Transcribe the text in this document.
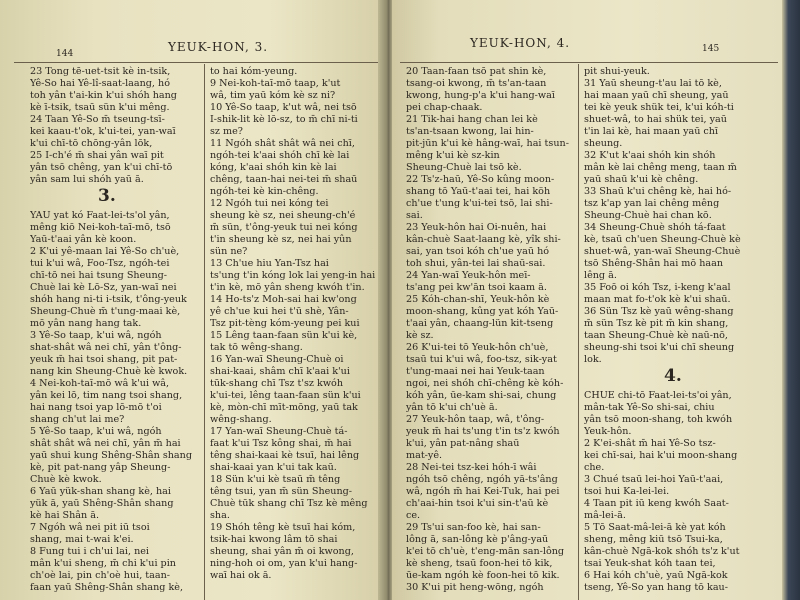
144	YEUK-HON, 3.
23 Tong tē-uet-tsit kè in-tsik,
Yê-So hai Yê-lî-saat-laang, hó
toh yân t'ai-kin k'ui shóh hang
kè ī-tsik, tsaū sün k'ui mêng.
24 Taan Yê-So m̄ tseung-tsī-
kei kaau-t'ok, k'ui-tei, yan-waī
k'ui chī-tō chōng-yân lōk,
25 I-ch'é m̄ shai yân waī pit
yân tsō chêng, yan k'ui chī-tō
yân sam lui shóh yaū ā.

YAU yat kó Faat-lei-ts'ol yân,
mêng kiō Nei-koh-taī-mō, tsō
Yaū-t'aai yân kè koon.
2 K'ui yê-maan lai Yê-So ch'uè,
tui k'ui wâ, Foo-Tsz, ngóh-tei
chī-tō nei hai tsung Sheung-
Chuè lai kè Lō-Sz, yan-waī nei
shóh hang ni-ti i-tsik, t'ông-yeuk
Sheung-Chuè m̄ t'ung-maai kè,
mō yân nang hang tak.
3 Yê-So taap, k'ui wâ, ngóh
shat-shât wâ nei chī, yân t'ông-
yeuk m̄ hai tsoi shang, pit pat-
nang kin Sheung-Chuè kè kwok.
4 Nei-koh-taī-mō wâ k'ui wâ,
yân kei lō, tim nang tsoi shang,
hai nang tsoi yap lō-mō t'oi
shang ch'ut lai me?
5 Yê-So taap, k'ui wâ, ngóh
shât shât wâ nei chī, yân m̄ hai
yaū shui kung Shêng-Shân shang
kè, pit pat-nang yâp Sheung-
Chuè kè kwok.
6 Yaū yük-shan shang kè, hai
yük ā, yaū Shêng-Shân shang
kè hai Shân ā.
7 Ngóh wâ nei pit iū tsoi
shang, mai t-wai k'ei.
8 Fung tui i ch'ui lai, nei
mân k'ui sheng, m̄ chi k'ui pin
ch'oè lai, pin ch'oè hui, taan-
faan yaū Shêng-Shân shang kè,
to hai kóm-yeung.
9 Nei-koh-taī-mō taap, k'ut
wâ, tim yaū kóm kè sz ni?
10 Yê-So taap, k'ut wâ, nei tsō
I-shik-lit kè lō-sz, to m̄ chī ni-ti
sz me?
11 Ngóh shât shât wâ nei chī,
ngóh-tei k'aai shóh chī kè lai
kóng, k'aai shóh kin kè lai
chêng, taan-hai nei-tei m̄ shaū
ngóh-tei kè kin-chêng.
12 Ngóh tui nei kóng tei
sheung kè sz, nei sheung-ch'é
m̄ sün, t'ông-yeuk tui nei kóng
t'in sheung kè sz, nei hai yûn
sün ne?
13 Ch'ue hiu Yan-Tsz hai
ts'ung t'in kóng lok lai yeng-in hai
t'in kè, mō yân sheng kwóh t'in.
14 Ho-ts'z Moh-sai hai kw'ong
yê ch'ue kui hei t'ū shè, Yân-
Tsz pit-tèng kóm-yeung pei kui
15 Lêng taan-faan sün k'ui kè,
tak tō wêng-shang.
16 Yan-waī Sheung-Chuè oi
shai-kaai, shâm chī k'aai k'ui
tūk-shang chī Tsz t'sz kwóh
k'ui-tei, lêng taan-faan sün k'ui
kè, mòn-chī mīt-mōng, yaū tak
wêng-shang.
17 Yan-waī Sheung-Chuè tá-
faat k'ui Tsz kông shai, m̄ hai
têng shai-kaai kè tsuī, hai lêng
shai-kaai yan k'ui tak kaū.
18 Sün k'ui kè tsaū m̄ têng
têng tsui, yan m̄ sün Sheung-
Chuè tūk shang chī Tsz kè mêng
sha.
19 Shóh têng kè tsuī hai kóm,
tsik-hai kwong lâm tō shai
sheung, shai yân m̄ oi kwong,
ning-hoh oi om, yan k'ui hang-
waī hai ok ā.
3.
YEUK-HON, 4.	145
20 Taan-faan tsō pat shin kè,
tsang-oi kwong, m̄ ts'an-taan
kwong, hung-p'a k'ui hang-waī
pei chap-chaak.
21 Tik-hai hang chan lei kè
ts'an-tsaan kwong, lai hin-
pit-jūn k'ui kè hâng-waī, hai tsun-
mêng k'ui kè sz-kin
Sheung-Chuè lai tsō kè.
22 Ts'z-haū, Yê-So kûng moon-
shang tō Yaū-t'aai tei, hai köh
ch'ue t'ung k'ui-tei tsō, lai shi-
sai.
23 Yeuk-hôn hai Oi-nuên, hai
kân-chuè Saat-laang kè, yîk shi-
sai, yan tsoi kóh ch'ue yaū hó
toh shui, yân-tei lai shaū-sai.
24 Yan-waī Yeuk-hôn meī-
ts'ang pei kw'ān tsoi kaam ā.
25 Kóh-chan-shī, Yeuk-hôn kè
moon-shang, kûng yat kóh Yaū-
t'aai yân, chaang-lün kit-tseng
kè sz.
26 K'ui-tei tō Yeuk-hôn ch'uè,
tsaū tui k'ui wâ, foo-tsz, sik-yat
t'ung-maai nei hai Yeuk-taan
ngoi, nei shóh chī-chêng kè kóh-
kóh yân, ūe-kam shi-sai, chung
yân tō k'ui ch'uè ā.
27 Yeuk-hôn taap, wâ, t'ông-
yeuk m̄ hai ts'ung t'in ts'z kwóh
k'ui, yân pat-nâng shaū
mat-yê.
28 Nei-tei tsz-kei hóh-ī wâi
ngóh tsō chêng, ngóh yā-ts'âng
wâ, ngóh m̄ hai Kei-Tuk, hai pei
ch'aai-hin tsoi k'ui sin-t'aū kè
ce.
29 Ts'ui san-foo kè, hai san-
lông ā, san-lông kè p'âng-yaū
k'ei tō ch'uè, t'eng-mān san-lông
kè sheng, tsaū foon-hei tō kik,
ūe-kam ngóh kè foon-hei tō kik.
30 K'ui pit heng-wōng, ngóh
pit shui-yeuk.
31 Yaū sheung-t'au lai tō kè,
hai maan yaū chī sheung, yaū
tei kè yeuk shük tei, k'ui kóh-ti
shuet-wâ, to hai shük tei, yaū
t'in lai kè, hai maan yaū chī
sheung.
32 K'ut k'aai shóh kin shóh
mân kè lai chêng meng, taan m̄
yaū shaū k'ui kè chêng.
33 Shaū k'ui chêng kè, hai hó-
tsz k'ap yan lai chêng mêng
Sheung-Chuè hai chan kō.
34 Sheung-Chuè shóh tá-faat
kè, tsaū ch'uen Sheung-Chuè kè
shuet-wâ, yan-waī Sheung-Chuè
tsō Shêng-Shân hai mō haan
lêng ā.
35 Foō oi kóh Tsz, i-keng k'aal
maan mat fo-t'ok kè k'ui shaū.
36 Sün Tsz kè yaū wêng-shang
m̄ sün Tsz kè pit m̄ kin shang,
taan Sheung-Chuè kè naū-nō,
sheung-shi tsoi k'ui chī sheung
lok.

CHUE chi-tō Faat-lei-ts'oi yân,
mân-tak Yê-So shi-sai, chiu
yân tsō moon-shang, toh kwóh
Yeuk-hôn.
2 K'ei-shât m̄ hai Yê-So tsz-
kei chī-sai, hai k'ui moon-shang
che.
3 Chué tsaū lei-hoi Yaū-t'aai,
tsoi hui Ka-lei-lei.
4 Taan pit iū keng kwóh Saat-
mâ-lei-ā.
5 Tō Saat-mâ-lei-ā kè yat kóh
sheng, mêng kiū tsō Tsui-ka,
kân-chuè Ngā-kok shóh ts'z k'ut
tsai Yeuk-shat kóh taan tei,
6 Hai kóh ch'uè, yaū Ngā-kok
tseng, Yê-So yan hang tō kau-
4.
